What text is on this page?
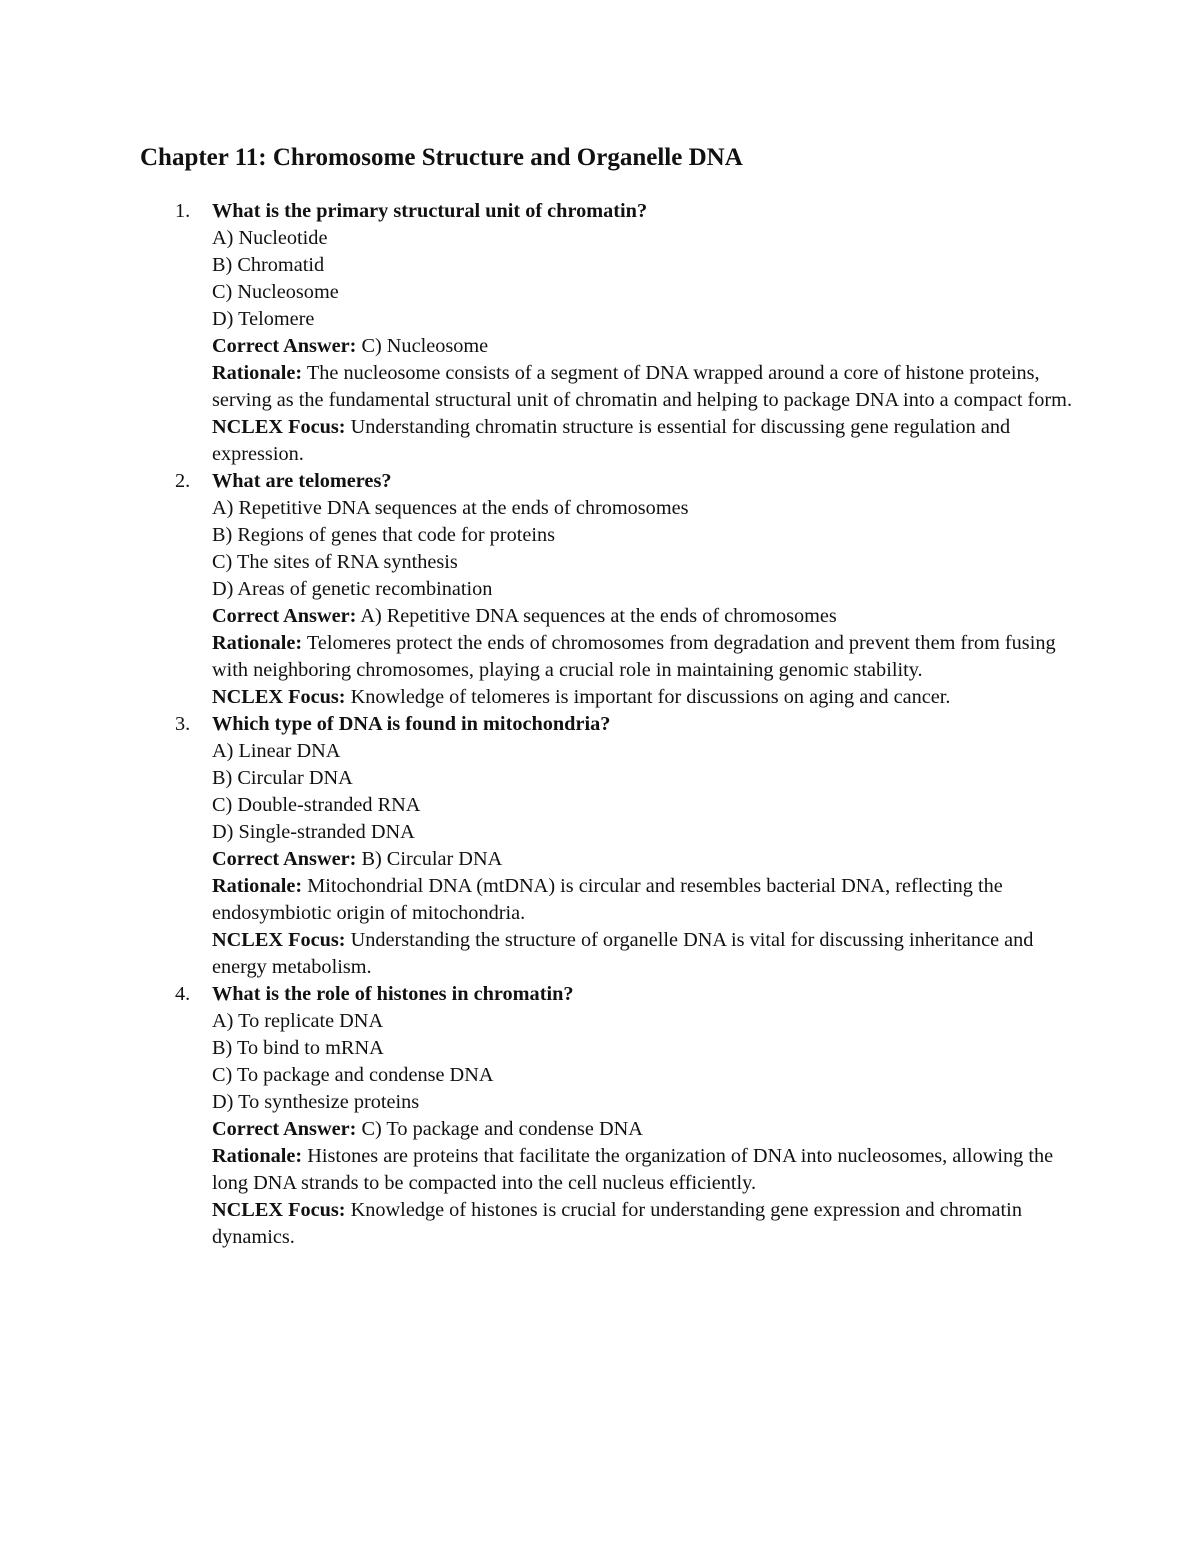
Chapter 11: Chromosome Structure and Organelle DNA
1.	What is the primary structural unit of chromatin?
A) Nucleotide
B) Chromatid
C) Nucleosome
D) Telomere
Correct Answer: C) Nucleosome
Rationale: The nucleosome consists of a segment of DNA wrapped around a core of histone proteins, serving as the fundamental structural unit of chromatin and helping to package DNA into a compact form.
NCLEX Focus: Understanding chromatin structure is essential for discussing gene regulation and expression.
2.	What are telomeres?
A) Repetitive DNA sequences at the ends of chromosomes
B) Regions of genes that code for proteins
C) The sites of RNA synthesis
D) Areas of genetic recombination
Correct Answer: A) Repetitive DNA sequences at the ends of chromosomes
Rationale: Telomeres protect the ends of chromosomes from degradation and prevent them from fusing with neighboring chromosomes, playing a crucial role in maintaining genomic stability.
NCLEX Focus: Knowledge of telomeres is important for discussions on aging and cancer.
3.	Which type of DNA is found in mitochondria?
A) Linear DNA
B) Circular DNA
C) Double-stranded RNA
D) Single-stranded DNA
Correct Answer: B) Circular DNA
Rationale: Mitochondrial DNA (mtDNA) is circular and resembles bacterial DNA, reflecting the endosymbiotic origin of mitochondria.
NCLEX Focus: Understanding the structure of organelle DNA is vital for discussing inheritance and energy metabolism.
4.	What is the role of histones in chromatin?
A) To replicate DNA
B) To bind to mRNA
C) To package and condense DNA
D) To synthesize proteins
Correct Answer: C) To package and condense DNA
Rationale: Histones are proteins that facilitate the organization of DNA into nucleosomes, allowing the long DNA strands to be compacted into the cell nucleus efficiently.
NCLEX Focus: Knowledge of histones is crucial for understanding gene expression and chromatin dynamics.
